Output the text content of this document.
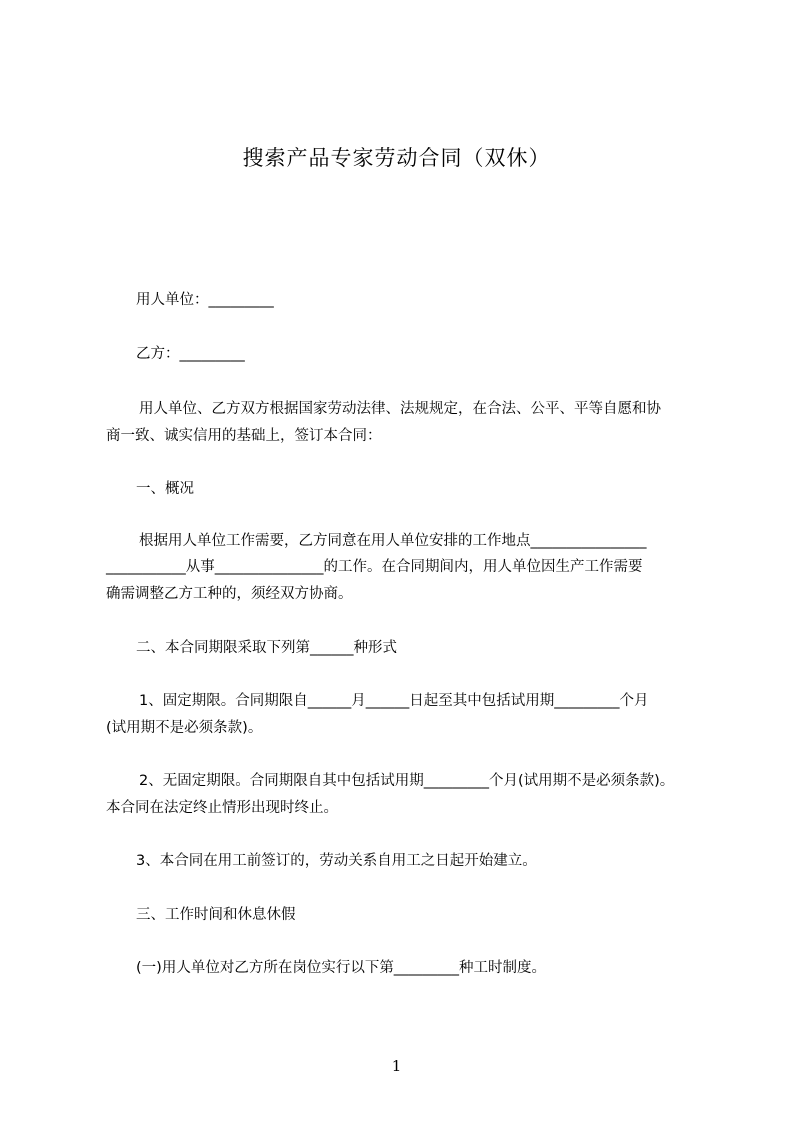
搜索产品专家劳动合同（双休）
用人单位：_________
乙方：_________
用人单位、乙方双方根据国家劳动法律、法规规定，在合法、公平、平等自愿和协
商一致、诚实信用的基础上，签订本合同：
一、概况
根据用人单位工作需要，乙方同意在用人单位安排的工作地点________________
___________从事_______________的工作。在合同期间内，用人单位因生产工作需要
确需调整乙方工种的，须经双方协商。
二、本合同期限采取下列第______种形式
1、固定期限。合同期限自______月______日起至其中包括试用期_________个月
(试用期不是必须条款)。
2、无固定期限。合同期限自其中包括试用期_________个月(试用期不是必须条款)。
本合同在法定终止情形出现时终止。
3、本合同在用工前签订的，劳动关系自用工之日起开始建立。
三、工作时间和休息休假
(一)用人单位对乙方所在岗位实行以下第_________种工时制度。
1
